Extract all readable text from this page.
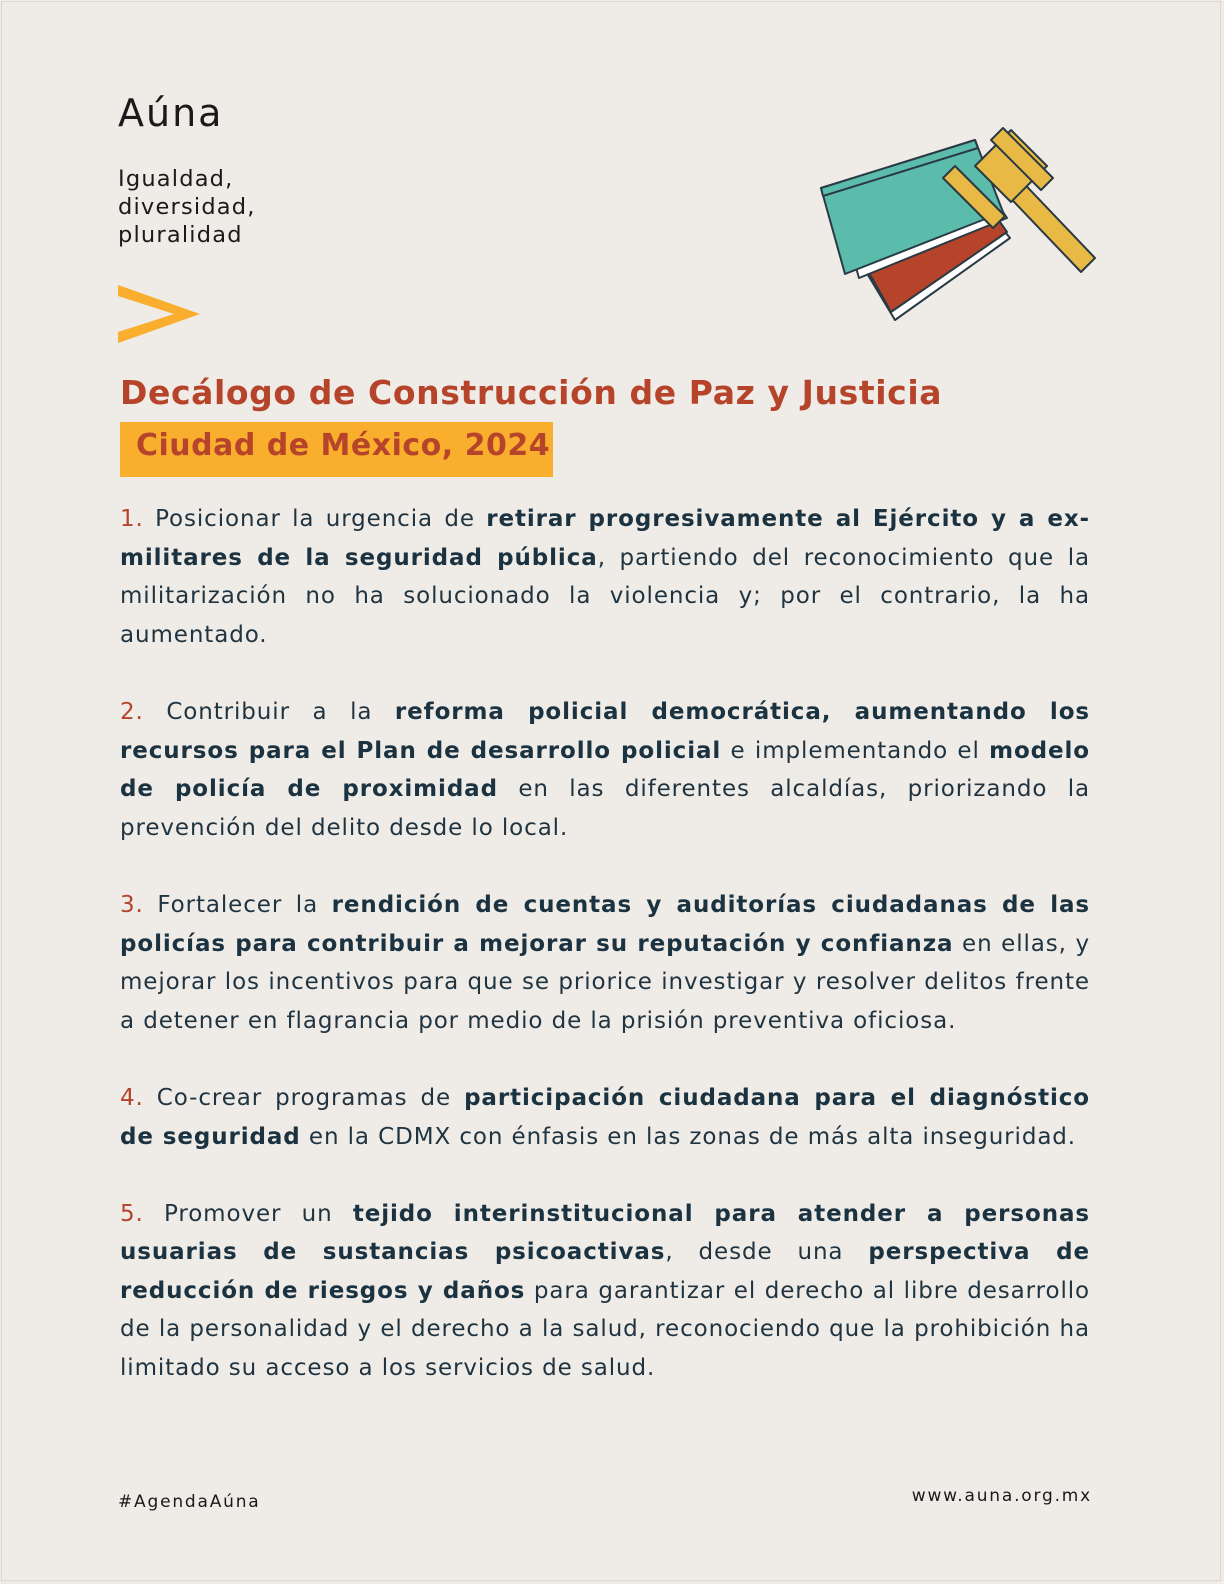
Aúna

Igualdad,
diversidad,
pluralidad

Decálogo de Construcción de Paz y Justicia
Ciudad de México, 2024
1. Posicionar la urgencia de retirar progresivamente al Ejército y a ex-militares de la seguridad pública, partiendo del reconocimiento que la militarización no ha solucionado la violencia y; por el contrario, la ha aumentado.
2. Contribuir a la reforma policial democrática, aumentando los recursos para el Plan de desarrollo policial e implementando el modelo de policía de proximidad en las diferentes alcaldías, priorizando la prevención del delito desde lo local.
3. Fortalecer la rendición de cuentas y auditorías ciudadanas de las policías para contribuir a mejorar su reputación y confianza en ellas, y mejorar los incentivos para que se priorice investigar y resolver delitos frente a detener en flagrancia por medio de la prisión preventiva oficiosa.
4. Co-crear programas de participación ciudadana para el diagnóstico de seguridad en la CDMX con énfasis en las zonas de más alta inseguridad.
5. Promover un tejido interinstitucional para atender a personas usuarias de sustancias psicoactivas, desde una perspectiva de reducción de riesgos y daños para garantizar el derecho al libre desarrollo de la personalidad y el derecho a la salud, reconociendo que la prohibición ha limitado su acceso a los servicios de salud.

#AgendaAúna	www.auna.org.mx
